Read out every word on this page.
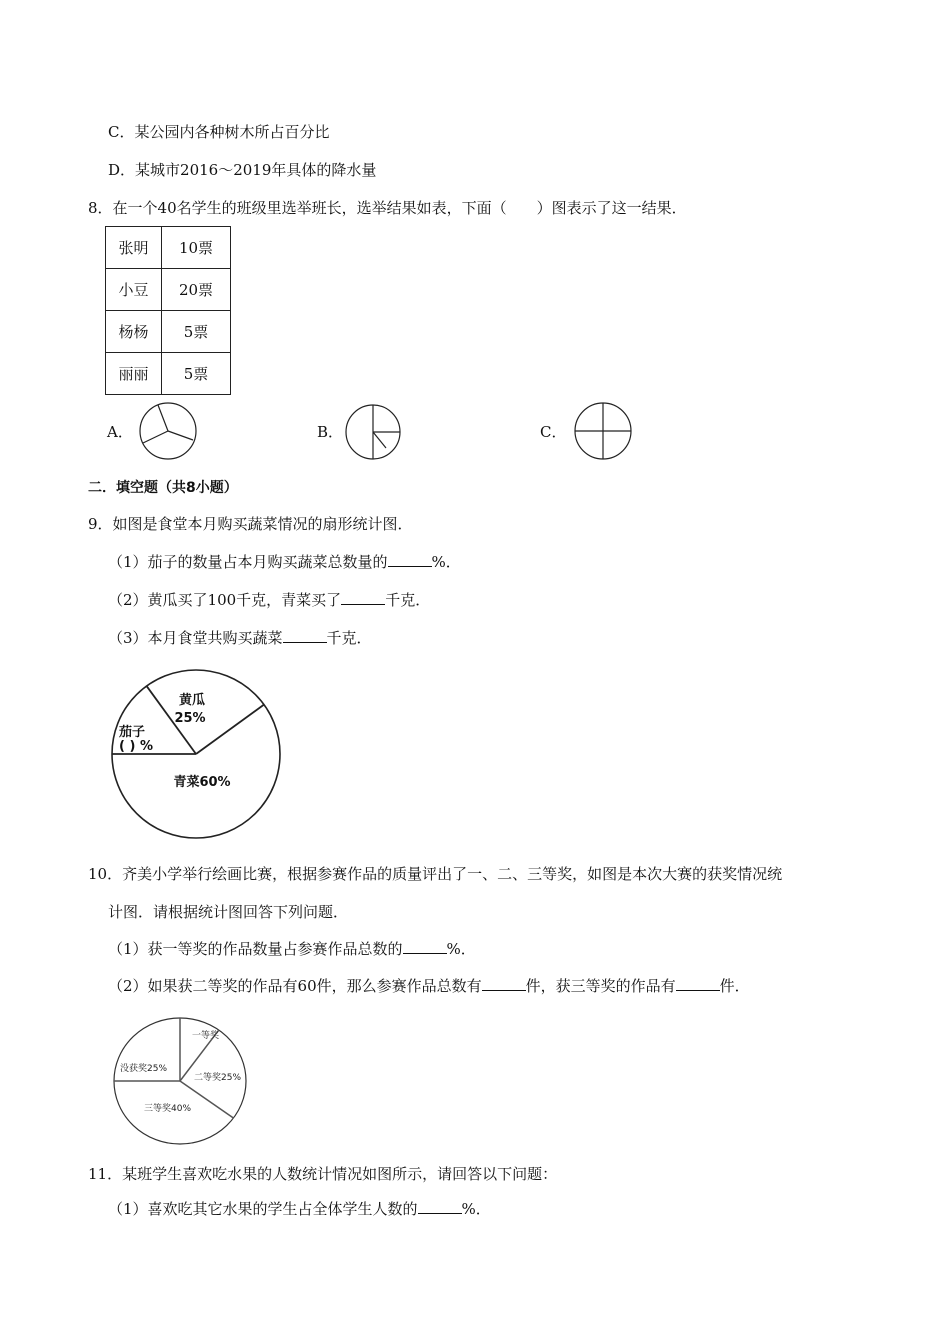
C．某公园内各种树木所占百分比
D．某城市2016～2019年具体的降水量
8．在一个40名学生的班级里选举班长，选举结果如表，下面（　　）图表示了这一结果．
张明	10票
小豆	20票
杨杨	5票
丽丽	5票
A．	B．	C．
二．填空题（共8小题）
9．如图是食堂本月购买蔬菜情况的扇形统计图．
（1）茄子的数量占本月购买蔬菜总数量的	%．
（2）黄瓜买了100千克，青菜买了	千克．
（3）本月食堂共购买蔬菜	千克．
黄瓜
25%
茄子
( ) %
青菜60%
10．齐美小学举行绘画比赛，根据参赛作品的质量评出了一、二、三等奖，如图是本次大赛的获奖情况统
计图．请根据统计图回答下列问题．
（1）获一等奖的作品数量占参赛作品总数的	%．
（2）如果获二等奖的作品有60件，那么参赛作品总数有	件，获三等奖的作品有	件．
一等奖
没获奖25%
二等奖25%
三等奖40%
11．某班学生喜欢吃水果的人数统计情况如图所示，请回答以下问题：
（1）喜欢吃其它水果的学生占全体学生人数的	%．
